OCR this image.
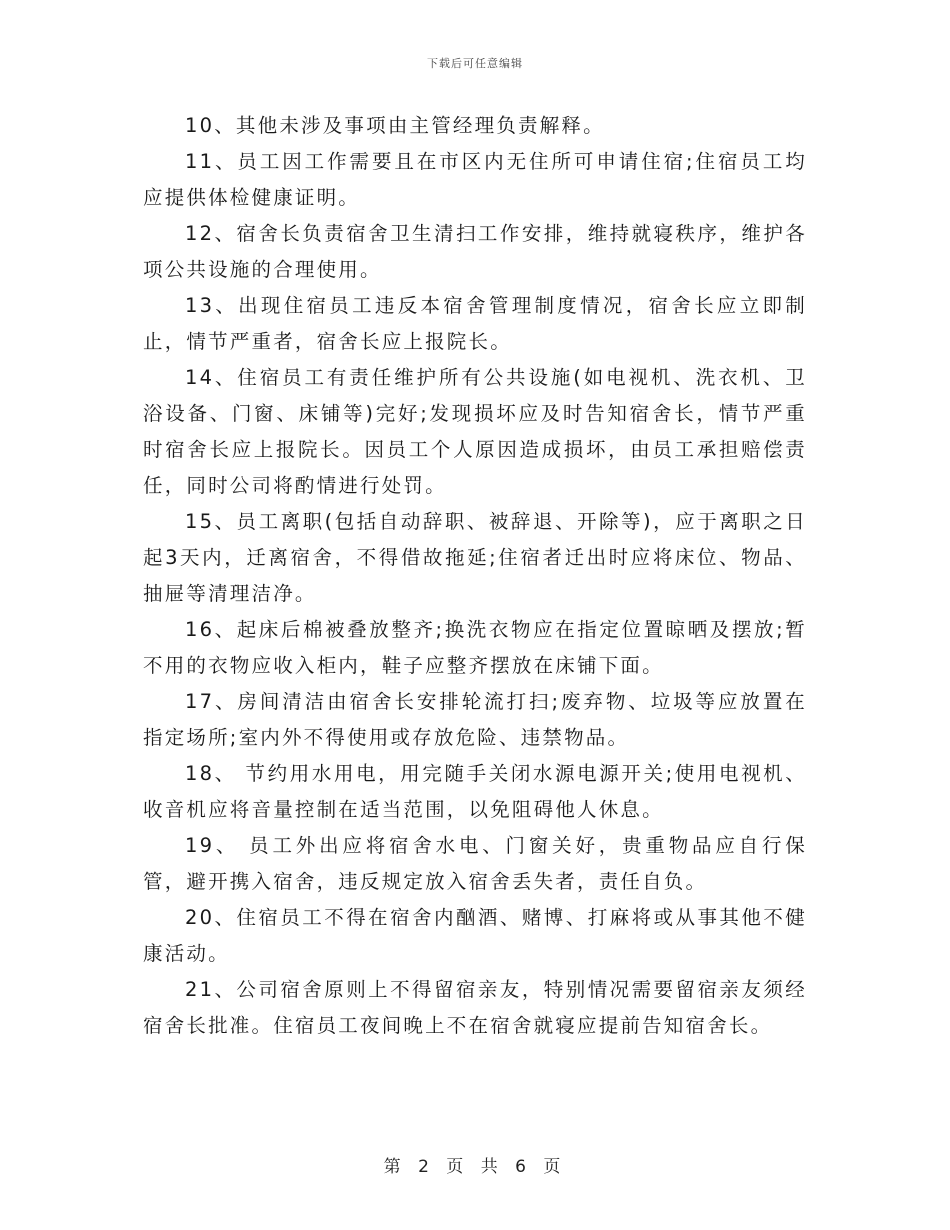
下载后可任意编辑

10、其他未涉及事项由主管经理负责解释。

11、员工因工作需要且在市区内无住所可申请住宿;住宿员工均应提供体检健康证明。

12、宿舍长负责宿舍卫生清扫工作安排，维持就寝秩序，维护各项公共设施的合理使用。

13、出现住宿员工违反本宿舍管理制度情况，宿舍长应立即制止，情节严重者，宿舍长应上报院长。

14、住宿员工有责任维护所有公共设施(如电视机、洗衣机、卫浴设备、门窗、床铺等)完好;发现损坏应及时告知宿舍长，情节严重时宿舍长应上报院长。因员工个人原因造成损坏，由员工承担赔偿责任，同时公司将酌情进行处罚。

15、员工离职(包括自动辞职、被辞退、开除等)，应于离职之日起3天内，迁离宿舍，不得借故拖延;住宿者迁出时应将床位、物品、抽屉等清理洁净。

16、起床后棉被叠放整齐;换洗衣物应在指定位置晾晒及摆放;暂不用的衣物应收入柜内，鞋子应整齐摆放在床铺下面。

17、房间清洁由宿舍长安排轮流打扫;废弃物、垃圾等应放置在指定场所;室内外不得使用或存放危险、违禁物品。

18、 节约用水用电，用完随手关闭水源电源开关;使用电视机、收音机应将音量控制在适当范围，以免阻碍他人休息。

19、 员工外出应将宿舍水电、门窗关好，贵重物品应自行保管，避开携入宿舍，违反规定放入宿舍丢失者，责任自负。

20、住宿员工不得在宿舍内酗酒、赌博、打麻将或从事其他不健康活动。

21、公司宿舍原则上不得留宿亲友，特别情况需要留宿亲友须经宿舍长批准。住宿员工夜间晚上不在宿舍就寝应提前告知宿舍长。

第 2 页 共 6 页
